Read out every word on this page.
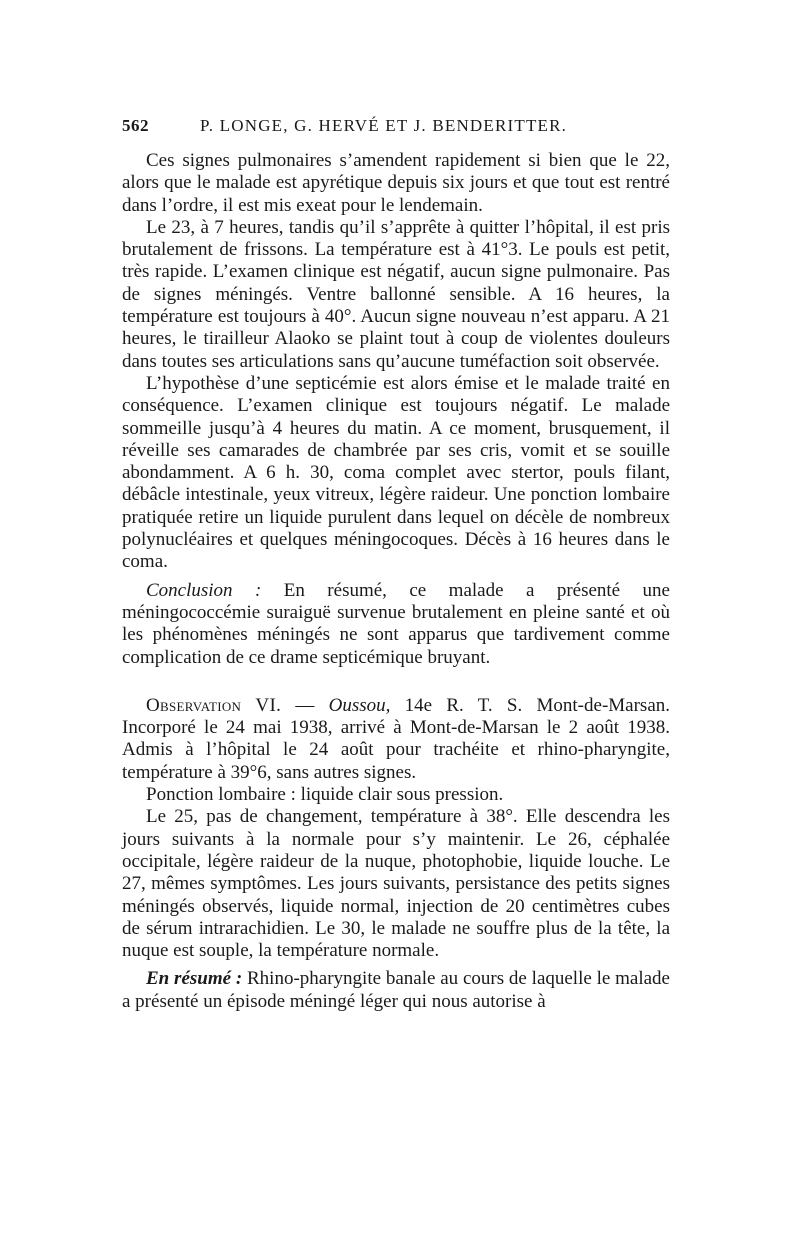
562	P. LONGE, G. HERVÉ ET J. BENDERITTER.

Ces signes pulmonaires s’amendent rapidement si bien que le 22, alors que le malade est apyrétique depuis six jours et que tout est rentré dans l’ordre, il est mis exeat pour le lendemain.

Le 23, à 7 heures, tandis qu’il s’apprête à quitter l’hôpital, il est pris brutalement de frissons. La température est à 41°3. Le pouls est petit, très rapide. L’examen clinique est négatif, aucun signe pulmonaire. Pas de signes méningés. Ventre ballonné sensible. A 16 heures, la température est toujours à 40°. Aucun signe nouveau n’est apparu. A 21 heures, le tirailleur Alaoko se plaint tout à coup de violentes douleurs dans toutes ses articulations sans qu’aucune tuméfaction soit observée.

L’hypothèse d’une septicémie est alors émise et le malade traité en conséquence. L’examen clinique est toujours négatif. Le malade sommeille jusqu’à 4 heures du matin. A ce moment, brusquement, il réveille ses camarades de chambrée par ses cris, vomit et se souille abondamment. A 6 h. 30, coma complet avec stertor, pouls filant, débâcle intestinale, yeux vitreux, légère raideur. Une ponction lombaire pratiquée retire un liquide purulent dans lequel on décèle de nombreux polynucléaires et quelques méningocoques. Décès à 16 heures dans le coma.

Conclusion : En résumé, ce malade a présenté une méningococcémie suraiguë survenue brutalement en pleine santé et où les phénomènes méningés ne sont apparus que tardivement comme complication de ce drame septicémique bruyant.

Observation VI. — Oussou, 14e R. T. S. Mont-de-Marsan. Incorporé le 24 mai 1938, arrivé à Mont-de-Marsan le 2 août 1938. Admis à l’hôpital le 24 août pour trachéite et rhino-pharyngite, température à 39°6, sans autres signes.

Ponction lombaire : liquide clair sous pression.

Le 25, pas de changement, température à 38°. Elle descendra les jours suivants à la normale pour s’y maintenir. Le 26, céphalée occipitale, légère raideur de la nuque, photophobie, liquide louche. Le 27, mêmes symptômes. Les jours suivants, persistance des petits signes méningés observés, liquide normal, injection de 20 centimètres cubes de sérum intrarachidien. Le 30, le malade ne souffre plus de la tête, la nuque est souple, la température normale.

En résumé : Rhino-pharyngite banale au cours de laquelle le malade a présenté un épisode méningé léger qui nous autorise à
